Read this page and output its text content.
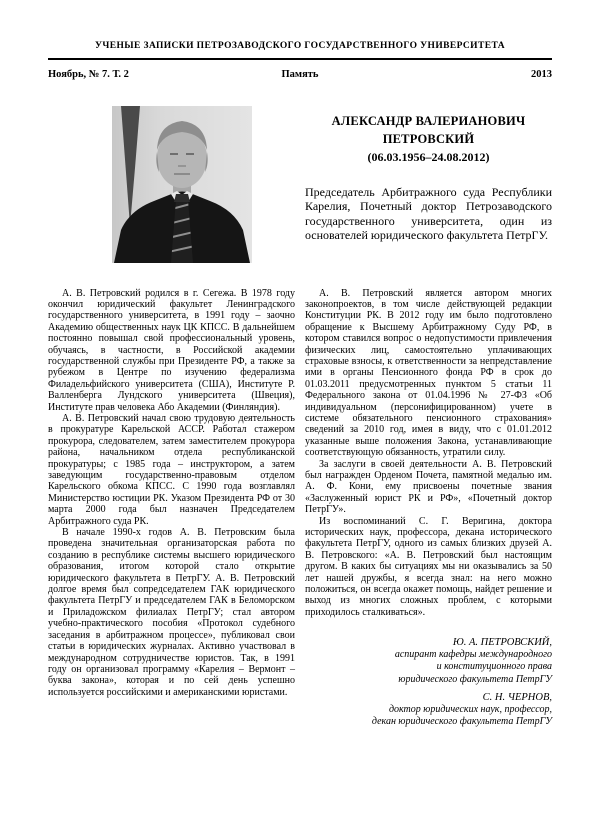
УЧЕНЫЕ ЗАПИСКИ ПЕТРОЗАВОДСКОГО ГОСУДАРСТВЕННОГО УНИВЕРСИТЕТА
Ноябрь, № 7. Т. 2	Память	2013
АЛЕКСАНДР ВАЛЕРИАНОВИЧ
ПЕТРОВСКИЙ
(06.03.1956–24.08.2012)

Председатель Арбитражного суда Республики Карелия, Почетный доктор Петрозаводского государственного университета, один из основателей юридического факультета ПетрГУ.

А. В. Петровский родился в г. Сегежа. В 1978 году окончил юридический факультет Ленинградского государственного университета, в 1991 году – заочно Академию общественных наук ЦК КПСС. В дальнейшем постоянно повышал свой профессиональный уровень, обучаясь, в частности, в Российской академии государственной службы при Президенте РФ, а также за рубежом в Центре по изучению федерализма Филадельфийского университета (США), Институте Р. Валленберга Лундского университета (Швеция), Институте прав человека Або Академии (Финляндия).

А. В. Петровский начал свою трудовую деятельность в прокуратуре Карельской АССР. Работал стажером прокурора, следователем, затем заместителем прокурора района, начальником отдела республиканской прокуратуры; с 1985 года – инструктором, а затем заведующим государственно-правовым отделом Карельского обкома КПСС. С 1990 года возглавлял Министерство юстиции РК. Указом Президента РФ от 30 марта 2000 года был назначен Председателем Арбитражного суда РК.

В начале 1990-х годов А. В. Петровским была проведена значительная организаторская работа по созданию в республике системы высшего юридического образования, итогом которой стало открытие юридического факультета в ПетрГУ. А. В. Петровский долгое время был сопредседателем ГАК юридического факультета ПетрГУ и председателем ГАК в Беломорском и Приладожском филиалах ПетрГУ; стал автором учебно-практического пособия «Протокол судебного заседания в арбитражном процессе», публиковал свои статьи в юридических журналах. Активно участвовал в международном сотрудничестве юристов. Так, в 1991 году он организовал программу «Карелия – Вермонт – буква закона», которая и по сей день успешно используется российскими и американскими юристами.

А. В. Петровский является автором многих законопроектов, в том числе действующей редакции Конституции РК. В 2012 году им было подготовлено обращение к Высшему Арбитражному Суду РФ, в котором ставился вопрос о недопустимости привлечения физических лиц, самостоятельно уплачивающих страховые взносы, к ответственности за непредставление ими в органы Пенсионного фонда РФ в срок до 01.03.2011 предусмотренных пунктом 5 статьи 11 Федерального закона от 01.04.1996 № 27-ФЗ «Об индивидуальном (персонифицированном) учете в системе обязательного пенсионного страхования» сведений за 2010 год, имея в виду, что с 01.01.2012 указанные выше положения Закона, устанавливающие соответствующую обязанность, утратили силу.

За заслуги в своей деятельности А. В. Петровский был награжден Орденом Почета, памятной медалью им. А. Ф. Кони, ему присвоены почетные звания «Заслуженный юрист РК и РФ», «Почетный доктор ПетрГУ».

Из воспоминаний С. Г. Веригина, доктора исторических наук, профессора, декана исторического факультета ПетрГУ, одного из самых близких друзей А. В. Петровского: «А. В. Петровский был настоящим другом. В каких бы ситуациях мы ни оказывались за 50 лет нашей дружбы, я всегда знал: на него можно положиться, он всегда окажет помощь, найдет решение и выход из многих сложных проблем, с которыми приходилось сталкиваться».

Ю. А. ПЕТРОВСКИЙ,
аспирант кафедры международного
и конституционного права
юридического факультета ПетрГУ
С. Н. ЧЕРНОВ,
доктор юридических наук, профессор,
декан юридического факультета ПетрГУ
